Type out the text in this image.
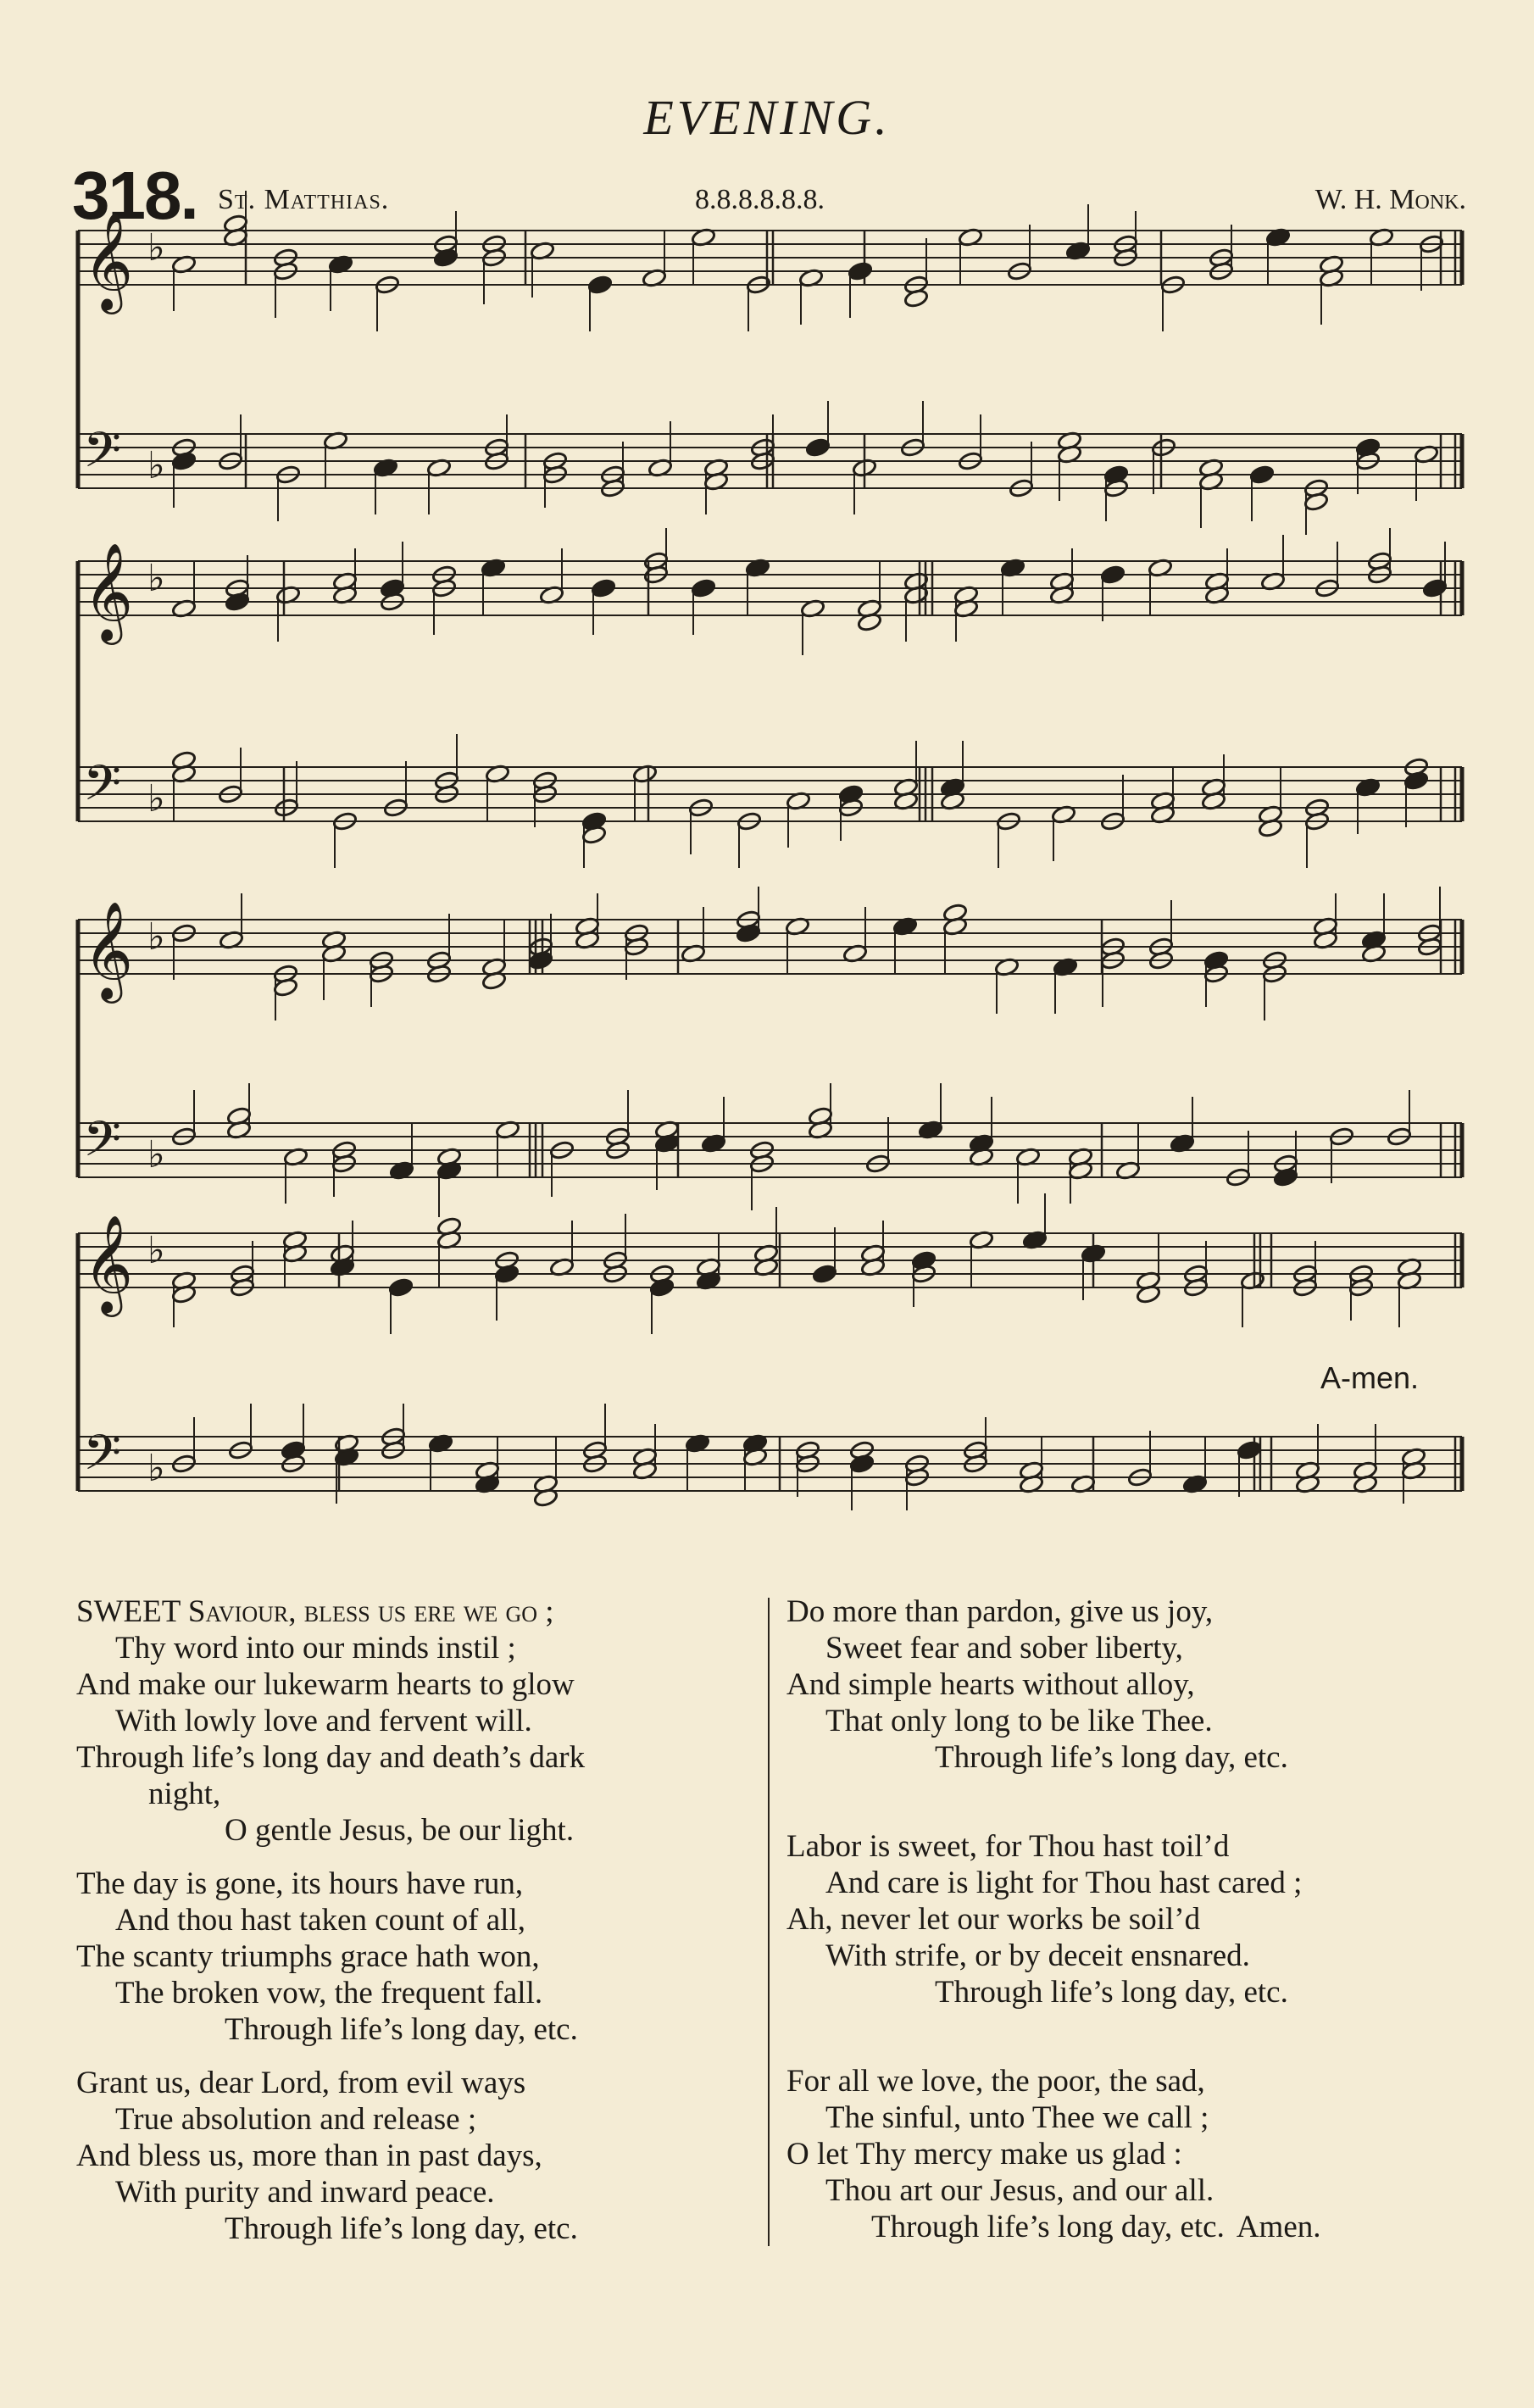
EVENING.
318. St. Matthias.	8.8.8.8.8.8.	W. H. Monk.
𝄞 ♭
𝄢 ♭
𝄞 ♭
𝄢 ♭
𝄞 ♭
𝄢 ♭
𝄞 ♭
𝄢 ♭
A-men.
SWEET Saviour, bless us ere we go ;
Thy word into our minds instil ;
And make our lukewarm hearts to glow
With lowly love and fervent will.
Through life’s long day and death’s dark
night,
O gentle Jesus, be our light.
The day is gone, its hours have run,
And thou hast taken count of all,
The scanty triumphs grace hath won,
The broken vow, the frequent fall.
Through life’s long day, etc.
Grant us, dear Lord, from evil ways
True absolution and release ;
And bless us, more than in past days,
With purity and inward peace.
Through life’s long day, etc.
Do more than pardon, give us joy,
Sweet fear and sober liberty,
And simple hearts without alloy,
That only long to be like Thee.
Through life’s long day, etc.
Labor is sweet, for Thou hast toil’d
And care is light for Thou hast cared ;
Ah, never let our works be soil’d
With strife, or by deceit ensnared.
Through life’s long day, etc.
For all we love, the poor, the sad,
The sinful, unto Thee we call ;
O let Thy mercy make us glad :
Thou art our Jesus, and our all.
Through life’s long day, etc. Amen.
